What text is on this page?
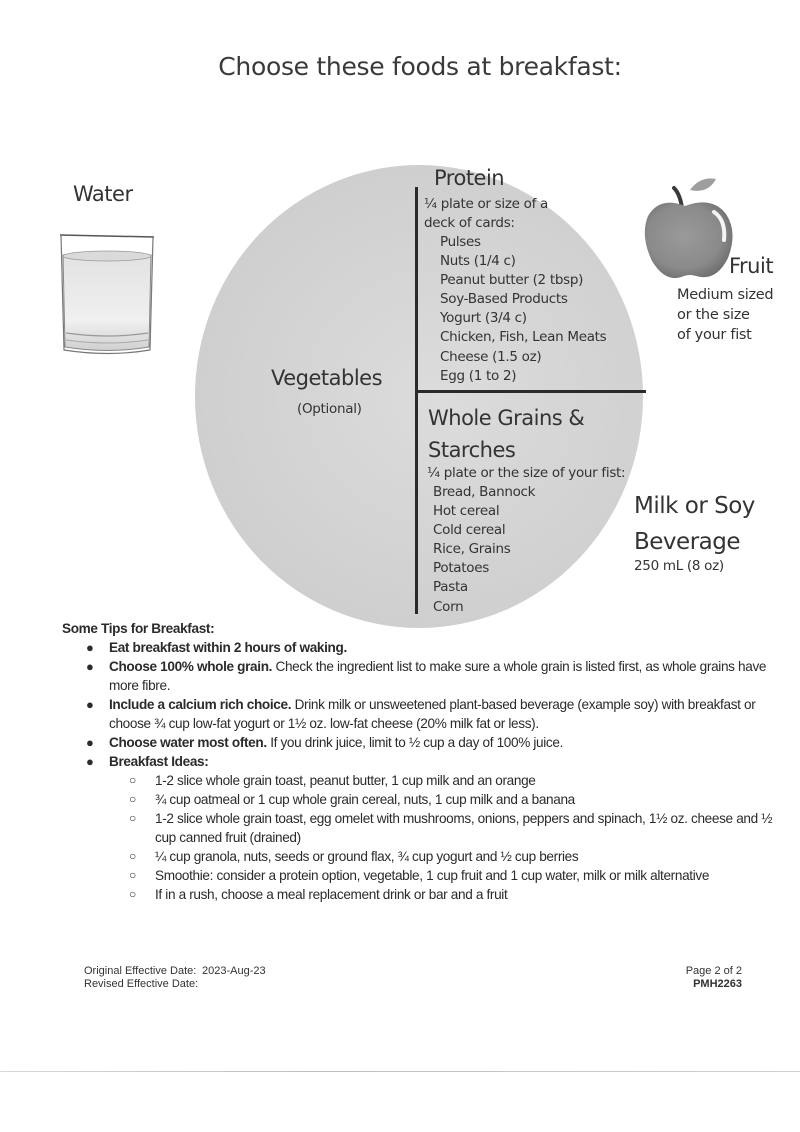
Choose these foods at breakfast:
Protein
¼ plate or size of a deck of cards:
Pulses
Nuts (1/4 c)
Peanut butter (2 tbsp)
Soy-Based Products
Yogurt (3/4 c)
Chicken, Fish, Lean Meats
Cheese (1.5 oz)
Egg (1 to 2)
Whole Grains &
Starches
¼ plate or the size of your fist:
Bread, Bannock
Hot cereal
Cold cereal
Rice, Grains
Potatoes
Pasta
Corn
Vegetables
(Optional)
Water
Fruit
Medium sized
or the size
of your fist
Milk or Soy
Beverage
250 mL (8 oz)
Some Tips for Breakfast:
● Eat breakfast within 2 hours of waking.
● Choose 100% whole grain. Check the ingredient list to make sure a whole grain is listed first, as whole grains have more fibre.
● Include a calcium rich choice. Drink milk or unsweetened plant-based beverage (example soy) with breakfast or choose ¾ cup low-fat yogurt or 1½ oz. low-fat cheese (20% milk fat or less).
● Choose water most often. If you drink juice, limit to ½ cup a day of 100% juice.
● Breakfast Ideas:
○ 1-2 slice whole grain toast, peanut butter, 1 cup milk and an orange
○ ¾ cup oatmeal or 1 cup whole grain cereal, nuts, 1 cup milk and a banana
○ 1-2 slice whole grain toast, egg omelet with mushrooms, onions, peppers and spinach, 1½ oz. cheese and ½ cup canned fruit (drained)
○ ¼ cup granola, nuts, seeds or ground flax, ¾ cup yogurt and ½ cup berries
○ Smoothie: consider a protein option, vegetable, 1 cup fruit and 1 cup water, milk or milk alternative
○ If in a rush, choose a meal replacement drink or bar and a fruit
Original Effective Date: 2023-Aug-23
Revised Effective Date:
Page 2 of 2
PMH2263
